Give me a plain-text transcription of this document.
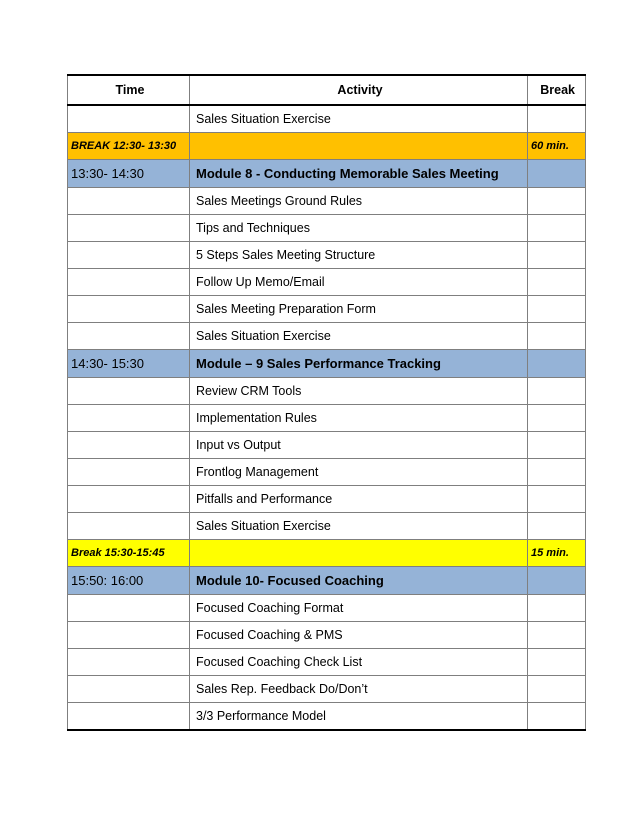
Time	Activity	Break
	Sales Situation Exercise	
BREAK 12:30- 13:30		60 min.
13:30- 14:30	Module 8 - Conducting Memorable Sales Meeting	
	Sales Meetings Ground Rules	
	Tips and Techniques	
	5 Steps Sales Meeting Structure	
	Follow Up Memo/Email	
	Sales Meeting Preparation Form	
	Sales Situation Exercise	
14:30- 15:30	Module – 9 Sales Performance Tracking	
	Review CRM Tools	
	Implementation Rules	
	Input vs Output	
	Frontlog Management	
	Pitfalls and Performance	
	Sales Situation Exercise	
Break 15:30-15:45		15 min.
15:50: 16:00	Module 10- Focused Coaching	
	Focused Coaching Format	
	Focused Coaching & PMS	
	Focused Coaching Check List	
	Sales Rep. Feedback Do/Don’t	
	3/3 Performance Model	
